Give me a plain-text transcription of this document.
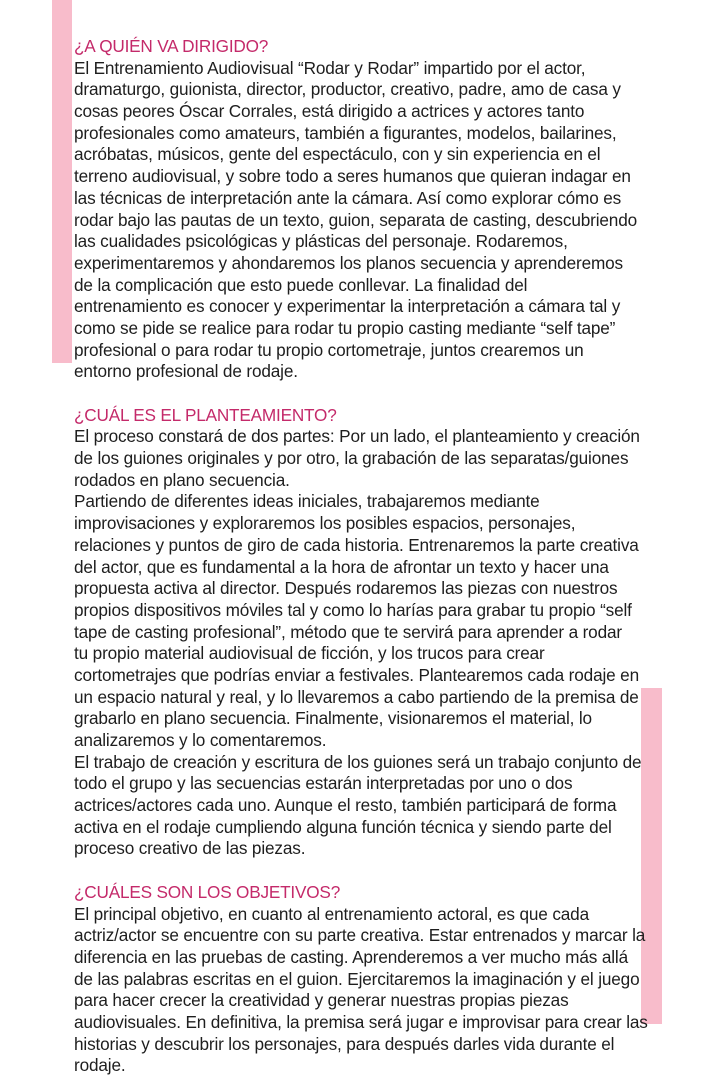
¿A QUIÉN VA DIRIGIDO?
El Entrenamiento Audiovisual “Rodar y Rodar” impartido por el actor,
dramaturgo, guionista, director, productor, creativo, padre, amo de casa y
cosas peores Óscar Corrales, está dirigido a actrices y actores tanto
profesionales como amateurs, también a figurantes, modelos, bailarines,
acróbatas, músicos, gente del espectáculo, con y sin experiencia en el
terreno audiovisual, y sobre todo a seres humanos que quieran indagar en
las técnicas de interpretación ante la cámara. Así como explorar cómo es
rodar bajo las pautas de un texto, guion, separata de casting, descubriendo
las cualidades psicológicas y plásticas del personaje. Rodaremos,
experimentaremos y ahondaremos los planos secuencia y aprenderemos
de la complicación que esto puede conllevar. La finalidad del
entrenamiento es conocer y experimentar la interpretación a cámara tal y
como se pide se realice para rodar tu propio casting mediante “self tape”
profesional o para rodar tu propio cortometraje, juntos crearemos un
entorno profesional de rodaje.
¿CUÁL ES EL PLANTEAMIENTO?
El proceso constará de dos partes: Por un lado, el planteamiento y creación
de los guiones originales y por otro, la grabación de las separatas/guiones
rodados en plano secuencia.
Partiendo de diferentes ideas iniciales, trabajaremos mediante
improvisaciones y exploraremos los posibles espacios, personajes,
relaciones y puntos de giro de cada historia. Entrenaremos la parte creativa
del actor, que es fundamental a la hora de afrontar un texto y hacer una
propuesta activa al director. Después rodaremos las piezas con nuestros
propios dispositivos móviles tal y como lo harías para grabar tu propio “self
tape de casting profesional”, método que te servirá para aprender a rodar
tu propio material audiovisual de ficción, y los trucos para crear
cortometrajes que podrías enviar a festivales. Plantearemos cada rodaje en
un espacio natural y real, y lo llevaremos a cabo partiendo de la premisa de
grabarlo en plano secuencia. Finalmente, visionaremos el material, lo
analizaremos y lo comentaremos.
El trabajo de creación y escritura de los guiones será un trabajo conjunto de
todo el grupo y las secuencias estarán interpretadas por uno o dos
actrices/actores cada uno. Aunque el resto, también participará de forma
activa en el rodaje cumpliendo alguna función técnica y siendo parte del
proceso creativo de las piezas.
¿CUÁLES SON LOS OBJETIVOS?
El principal objetivo, en cuanto al entrenamiento actoral, es que cada
actriz/actor se encuentre con su parte creativa. Estar entrenados y marcar la
diferencia en las pruebas de casting. Aprenderemos a ver mucho más allá
de las palabras escritas en el guion. Ejercitaremos la imaginación y el juego
para hacer crecer la creatividad y generar nuestras propias piezas
audiovisuales. En definitiva, la premisa será jugar e improvisar para crear las
historias y descubrir los personajes, para después darles vida durante el
rodaje.
